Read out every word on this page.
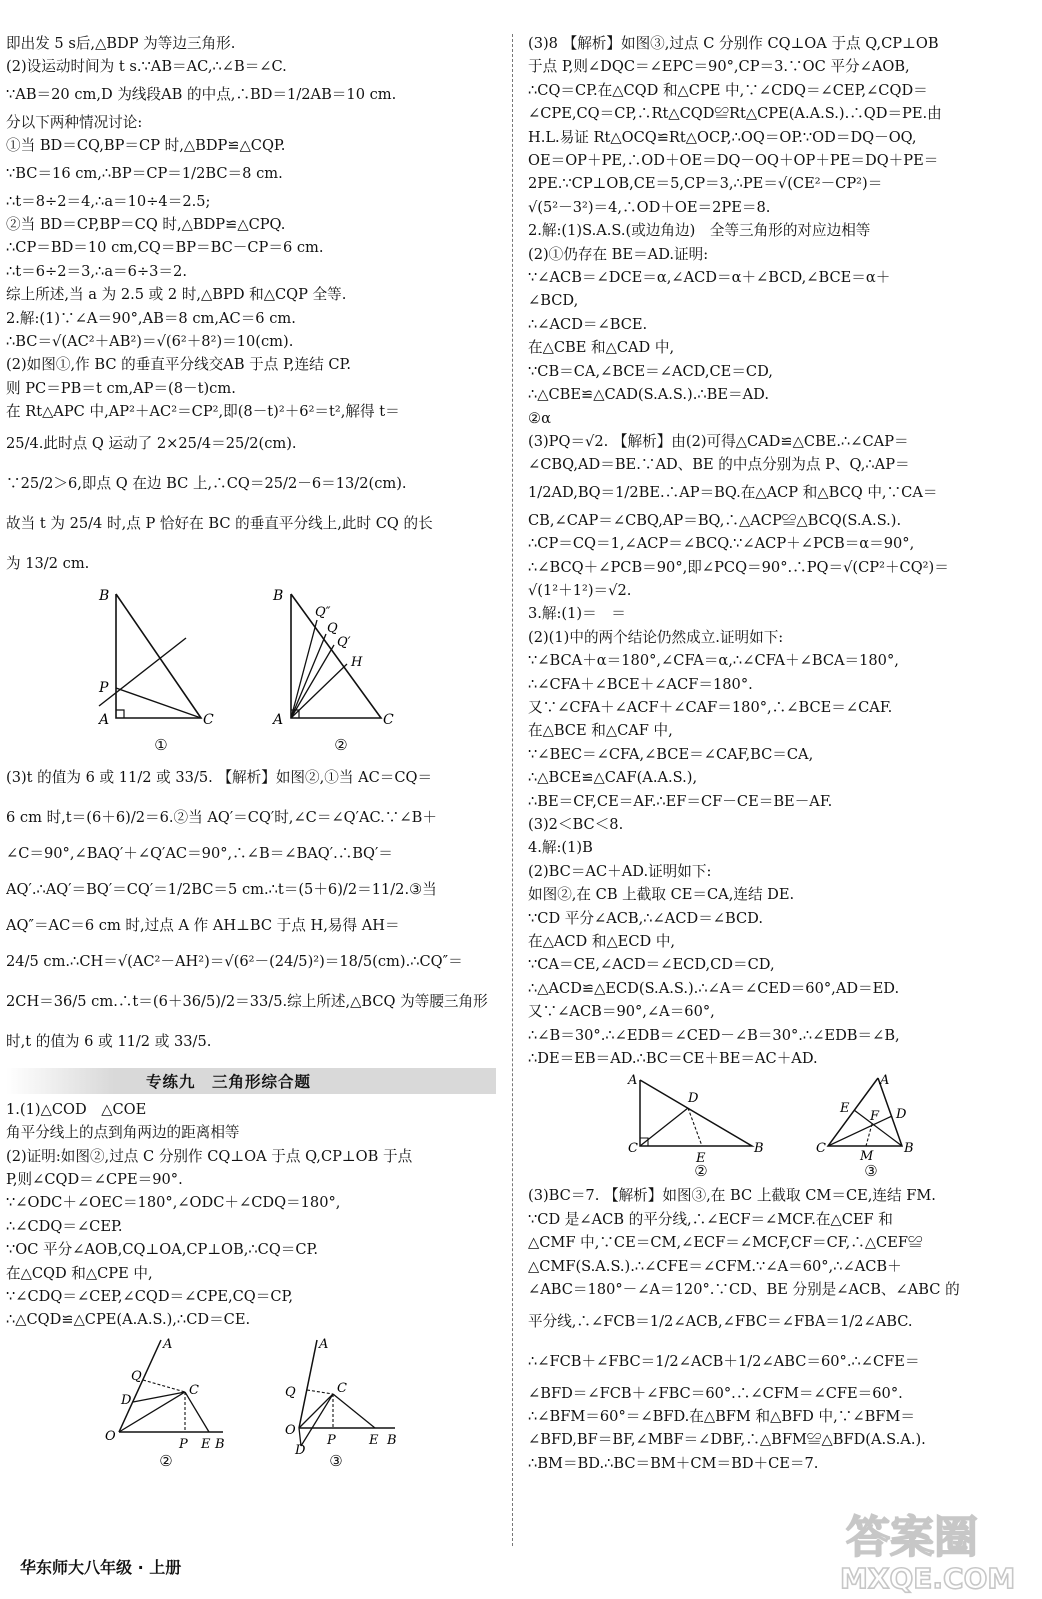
即出发 5 s后,△BDP 为等边三角形.
(2)设运动时间为 t s.∵AB＝AC,∴∠B＝∠C.
∵AB＝20 cm,D 为线段AB 的中点,∴BD＝1/2AB＝10 cm.
分以下两种情况讨论:
①当 BD＝CQ,BP＝CP 时,△BDP≌△CQP.
∵BC＝16 cm,∴BP＝CP＝1/2BC＝8 cm.
∴t＝8÷2＝4,∴a＝10÷4＝2.5;
②当 BD＝CP,BP＝CQ 时,△BDP≌△CPQ.
∴CP＝BD＝10 cm,CQ＝BP＝BC－CP＝6 cm.
∴t＝6÷2＝3,∴a＝6÷3＝2.
综上所述,当 a 为 2.5 或 2 时,△BPD 和△CQP 全等.
2.解:(1)∵∠A＝90°,AB＝8 cm,AC＝6 cm.
∴BC＝√(AC²＋AB²)＝√(6²＋8²)＝10(cm).
(2)如图①,作 BC 的垂直平分线交AB 于点 P,连结 CP.
则 PC＝PB＝t cm,AP＝(8－t)cm.
在 Rt△APC 中,AP²＋AC²＝CP²,即(8－t)²＋6²＝t²,解得 t＝
25/4.此时点 Q 运动了 2×25/4＝25/2(cm).
∵25/2＞6,即点 Q 在边 BC 上,∴CQ＝25/2－6＝13/2(cm).
故当 t 为 25/4 时,点 P 恰好在 BC 的垂直平分线上,此时 CQ 的长
为 13/2 cm.
B
P
A	C
①
B
Q″
Q
Q′
H
A	C
②
(3)t 的值为 6 或 11/2 或 33/5. 【解析】如图②,①当 AC＝CQ＝
6 cm 时,t＝(6＋6)/2＝6.②当 AQ′＝CQ′时,∠C＝∠Q′AC.∵∠B＋
∠C＝90°,∠BAQ′＋∠Q′AC＝90°,∴∠B＝∠BAQ′.∴BQ′＝
AQ′.∴AQ′＝BQ′＝CQ′＝1/2BC＝5 cm.∴t＝(5＋6)/2＝11/2.③当
AQ″＝AC＝6 cm 时,过点 A 作 AH⊥BC 于点 H,易得 AH＝
24/5 cm.∴CH＝√(AC²－AH²)＝√(6²－(24/5)²)＝18/5(cm).∴CQ″＝
2CH＝36/5 cm.∴t＝(6＋36/5)/2＝33/5.综上所述,△BCQ 为等腰三角形
时,t 的值为 6 或 11/2 或 33/5.
专练九　三角形综合题
1.(1)△COD　△COE
角平分线上的点到角两边的距离相等
(2)证明:如图②,过点 C 分别作 CQ⊥OA 于点 Q,CP⊥OB 于点
P,则∠CQD＝∠CPE＝90°.
∵∠ODC＋∠OEC＝180°,∠ODC＋∠CDQ＝180°,
∴∠CDQ＝∠CEP.
∵OC 平分∠AOB,CQ⊥OA,CP⊥OB,∴CQ＝CP.
在△CQD 和△CPE 中,
∵∠CDQ＝∠CEP,∠CQD＝∠CPE,CQ＝CP,
∴△CQD≌△CPE(A.A.S.),∴CD＝CE.
A
Q
D
C
O
P E B
②
A
Q	C
O
P	E B
D
③
(3)8 【解析】如图③,过点 C 分别作 CQ⊥OA 于点 Q,CP⊥OB
于点 P,则∠DQC＝∠EPC＝90°,CP＝3.∵OC 平分∠AOB,
∴CQ＝CP.在△CQD 和△CPE 中,∵∠CDQ＝∠CEP,∠CQD＝
∠CPE,CQ＝CP,∴Rt△CQD≌Rt△CPE(A.A.S.).∴QD＝PE.由
H.L.易证 Rt△OCQ≌Rt△OCP,∴OQ＝OP.∵OD＝DQ－OQ,
OE＝OP＋PE,∴OD＋OE＝DQ－OQ＋OP＋PE＝DQ＋PE＝
2PE.∵CP⊥OB,CE＝5,CP＝3,∴PE＝√(CE²－CP²)＝
√(5²－3²)＝4,∴OD＋OE＝2PE＝8.
2.解:(1)S.A.S.(或边角边)　全等三角形的对应边相等
(2)①仍存在 BE＝AD.证明:
∵∠ACB＝∠DCE＝α,∠ACD＝α＋∠BCD,∠BCE＝α＋
∠BCD,
∴∠ACD＝∠BCE.
在△CBE 和△CAD 中,
∵CB＝CA,∠BCE＝∠ACD,CE＝CD,
∴△CBE≌△CAD(S.A.S.).∴BE＝AD.
②α
(3)PQ＝√2. 【解析】由(2)可得△CAD≌△CBE.∴∠CAP＝
∠CBQ,AD＝BE.∵AD、BE 的中点分别为点 P、Q,∴AP＝
1/2AD,BQ＝1/2BE.∴AP＝BQ.在△ACP 和△BCQ 中,∵CA＝
CB,∠CAP＝∠CBQ,AP＝BQ,∴△ACP≌△BCQ(S.A.S.).
∴CP＝CQ＝1,∠ACP＝∠BCQ.∵∠ACP＋∠PCB＝α＝90°,
∴∠BCQ＋∠PCB＝90°,即∠PCQ＝90°.∴PQ＝√(CP²＋CQ²)＝
√(1²＋1²)＝√2.
3.解:(1)＝　＝
(2)(1)中的两个结论仍然成立.证明如下:
∵∠BCA＋α＝180°,∠CFA＝α,∴∠CFA＋∠BCA＝180°,
∴∠CFA＋∠BCE＋∠ACF＝180°.
又∵∠CFA＋∠ACF＋∠CAF＝180°,∴∠BCE＝∠CAF.
在△BCE 和△CAF 中,
∵∠BEC＝∠CFA,∠BCE＝∠CAF,BC＝CA,
∴△BCE≌△CAF(A.A.S.),
∴BE＝CF,CE＝AF.∴EF＝CF－CE＝BE－AF.
(3)2＜BC＜8.
4.解:(1)B
(2)BC＝AC＋AD.证明如下:
如图②,在 CB 上截取 CE＝CA,连结 DE.
∵CD 平分∠ACB,∴∠ACD＝∠BCD.
在△ACD 和△ECD 中,
∵CA＝CE,∠ACD＝∠ECD,CD＝CD,
∴△ACD≌△ECD(S.A.S.).∴∠A＝∠CED＝60°,AD＝ED.
又∵∠ACB＝90°,∠A＝60°,
∴∠B＝30°.∴∠EDB＝∠CED－∠B＝30°.∴∠EDB＝∠B,
∴DE＝EB＝AD.∴BC＝CE＋BE＝AC＋AD.
A
D
C
E
B
②
A
E
F D
C
M
B
③
(3)BC＝7. 【解析】如图③,在 BC 上截取 CM＝CE,连结 FM.
∵CD 是∠ACB 的平分线,∴∠ECF＝∠MCF.在△CEF 和
△CMF 中,∵CE＝CM,∠ECF＝∠MCF,CF＝CF,∴△CEF≌
△CMF(S.A.S.).∴∠CFE＝∠CFM.∵∠A＝60°,∴∠ACB＋
∠ABC＝180°－∠A＝120°.∵CD、BE 分别是∠ACB、∠ABC 的
平分线,∴∠FCB＝1/2∠ACB,∠FBC＝∠FBA＝1/2∠ABC.
∴∠FCB＋∠FBC＝1/2∠ACB＋1/2∠ABC＝60°.∴∠CFE＝
∠BFD＝∠FCB＋∠FBC＝60°.∴∠CFM＝∠CFE＝60°.
∴∠BFM＝60°＝∠BFD.在△BFM 和△BFD 中,∵∠BFM＝
∠BFD,BF＝BF,∠MBF＝∠DBF,∴△BFM≌△BFD(A.S.A.).
∴BM＝BD.∴BC＝BM＋CM＝BD＋CE＝7.
华东师大八年级 · 上册
答案圈
MXQE.COM
